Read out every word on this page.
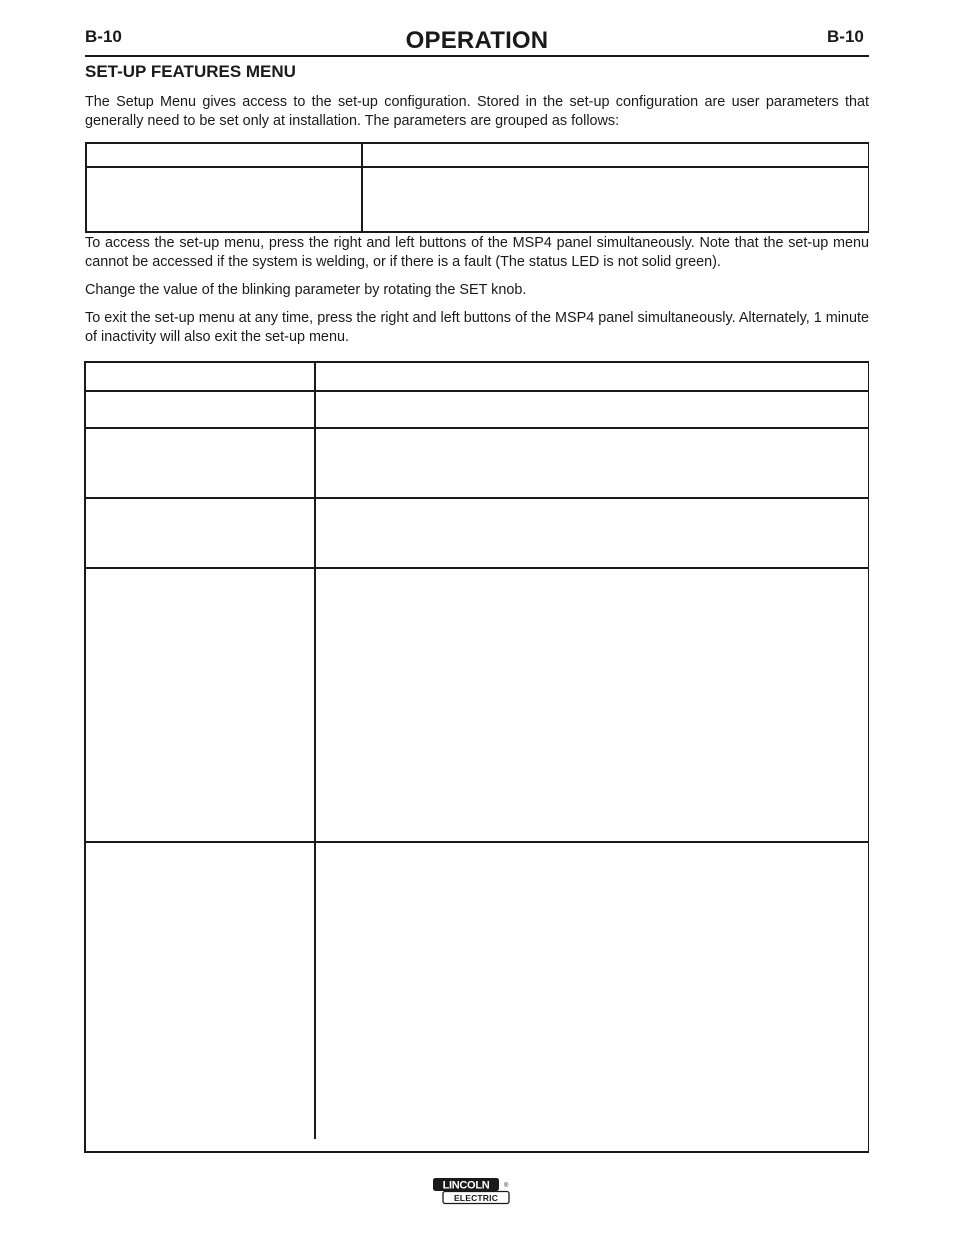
B-10	OPERATION	B-10
SET-UP FEATURES MENU

The Setup Menu gives access to the set-up configuration. Stored in the set-up configuration are user parameters that generally need to be set only at installation. The parameters are grouped as follows:

To access the set-up menu, press the right and left buttons of the MSP4 panel simultaneously. Note that the set-up menu cannot be accessed if the system is welding, or if there is a fault (The status LED is not solid green).

Change the value of the blinking parameter by rotating the SET knob.

To exit the set-up menu at any time, press the right and left buttons of the MSP4 panel simultaneously. Alternately, 1 minute of inactivity will also exit the set-up menu.

LINCOLN
ELECTRIC
®
